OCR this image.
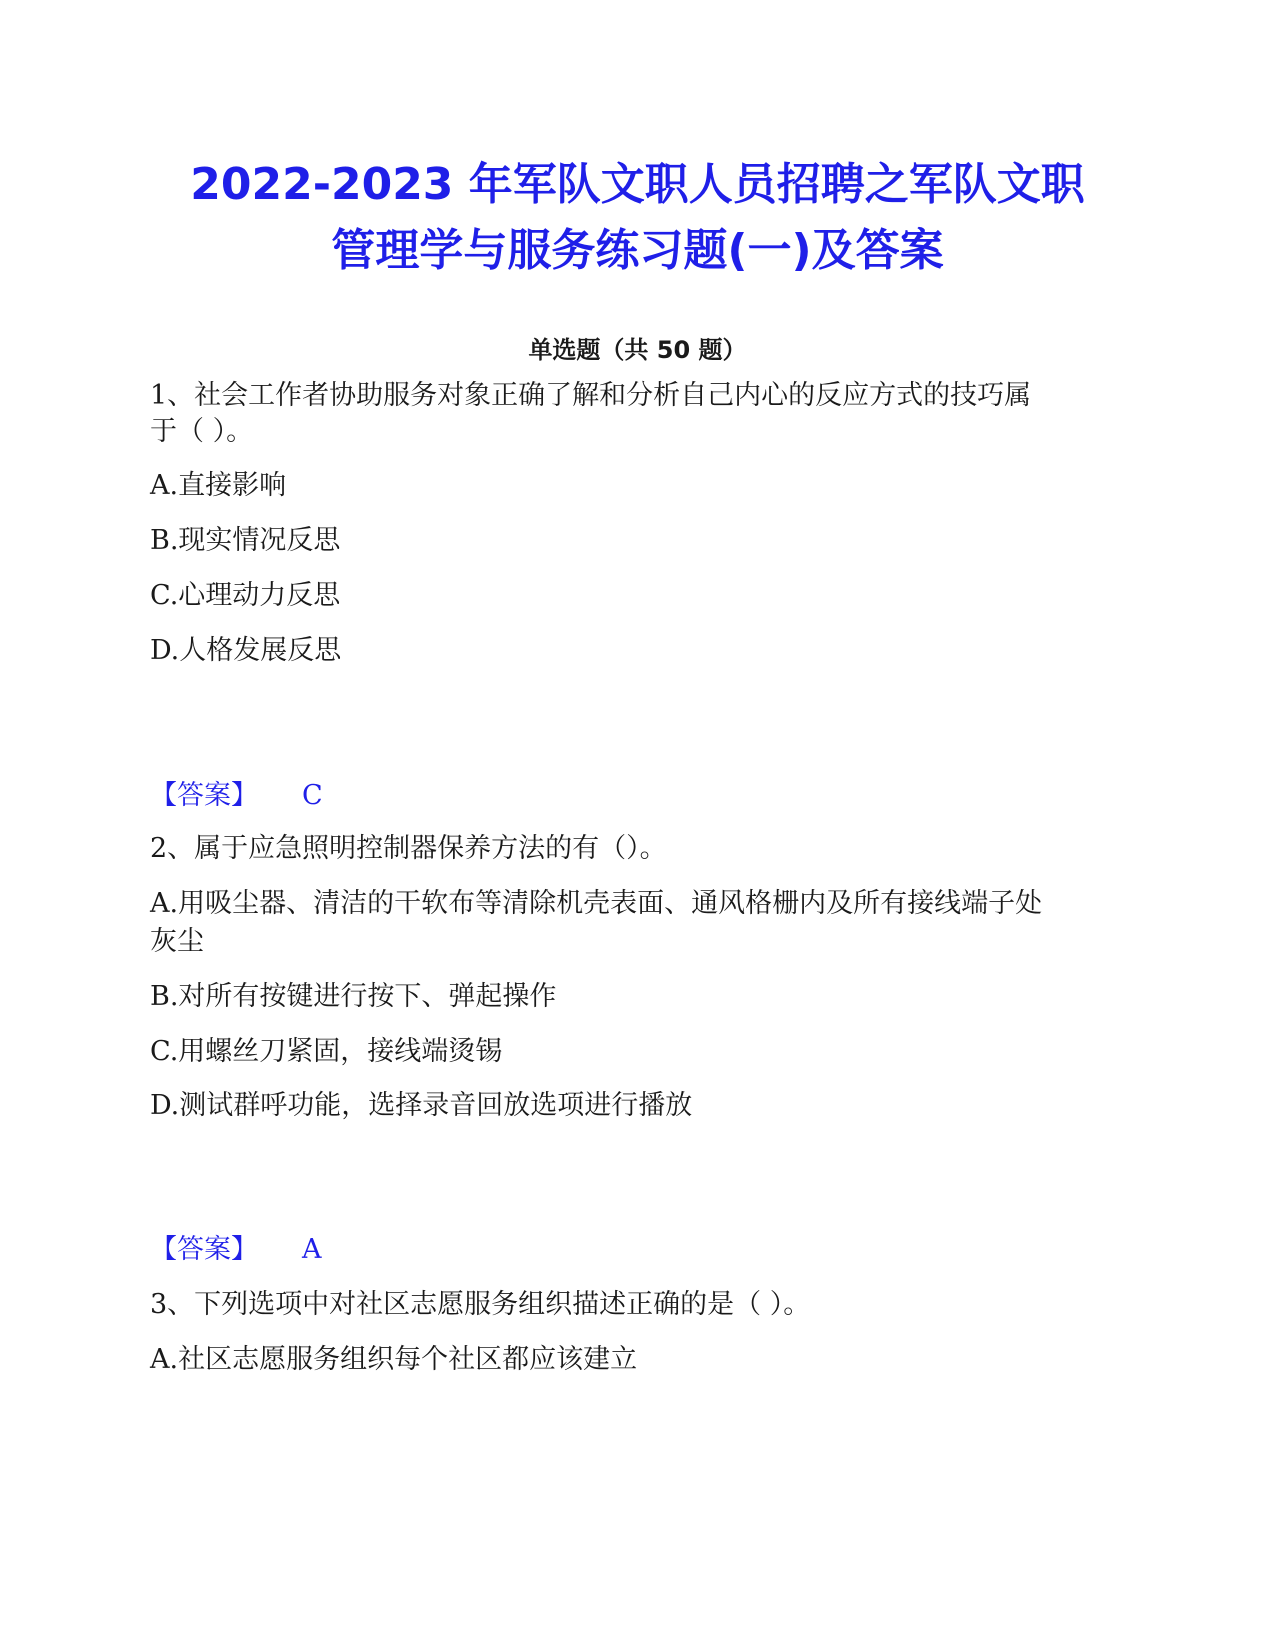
2022-2023 年军队文职人员招聘之军队文职
管理学与服务练习题(一)及答案
单选题（共 50 题）

1、社会工作者协助服务对象正确了解和分析自己内心的反应方式的技巧属

于（ ）。

A.直接影响

B.现实情况反思

C.心理动力反思

D.人格发展反思

【答案】 C

2、属于应急照明控制器保养方法的有（）。

A.用吸尘器、清洁的干软布等清除机壳表面、通风格栅内及所有接线端子处

灰尘

B.对所有按键进行按下、弹起操作

C.用螺丝刀紧固，接线端烫锡

D.测试群呼功能，选择录音回放选项进行播放

【答案】 A

3、下列选项中对社区志愿服务组织描述正确的是（ ）。

A.社区志愿服务组织每个社区都应该建立
